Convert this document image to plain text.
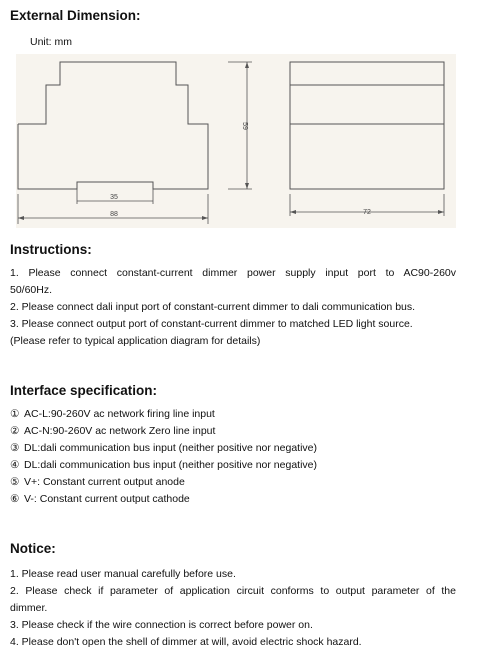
External Dimension:
Unit: mm
35
88
59
72
Instructions:
1. Please connect constant-current dimmer power supply input port to AC90-260v
50/60Hz.
2. Please connect dali input port of constant-current dimmer to dali communication bus.
3. Please connect output port of constant-current dimmer to matched LED light source.
(Please refer to typical application diagram for details)
Interface specification:
① AC-L:90-260V ac network firing line input
② AC-N:90-260V ac network Zero line input
③ DL:dali communication bus input (neither positive nor negative)
④ DL:dali communication bus input (neither positive nor negative)
⑤ V+: Constant current output anode
⑥ V-: Constant current output cathode
Notice:
1. Please read user manual carefully before use.
2. Please check if parameter of application circuit conforms to output parameter of the
dimmer.
3. Please check if the wire connection is correct before power on.
4. Please don't open the shell of dimmer at will, avoid electric shock hazard.
